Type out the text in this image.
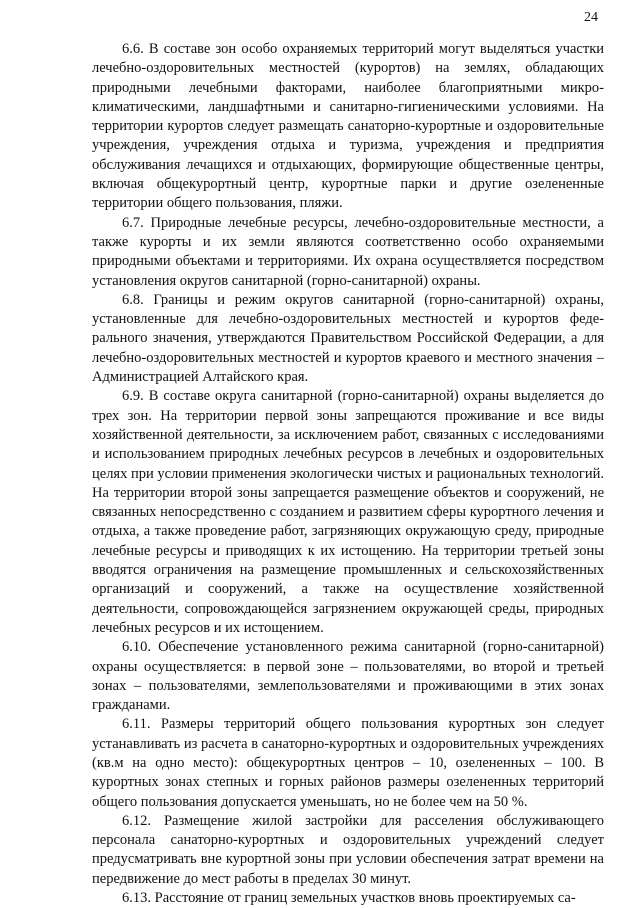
24

6.6. В составе зон особо охраняемых территорий могут выделяться участки лечебно-оздоровительных местностей (курортов) на землях, обладающих природными лечебными факторами, наиболее благоприятными микроклиматическими, ландшафтными и санитарно-гигиеническими условиями. На территории курортов следует размещать санаторно-курортные и оздоровительные учреждения, учреждения отдыха и туризма, учреждения и предприятия обслуживания лечащихся и отдыхающих, формирующие общественные центры, включая общекурортный центр, курортные парки и другие озелененные территории общего пользования, пляжи.

6.7. Природные лечебные ресурсы, лечебно-оздоровительные местности, а также курорты и их земли являются соответственно особо охраняемыми природными объектами и территориями. Их охрана осуществляется посредством установления округов санитарной (горно-санитарной) охраны.

6.8. Границы и режим округов санитарной (горно-санитарной) охраны, установленные для лечебно-оздоровительных местностей и курортов федерального значения, утверждаются Правительством Российской Федерации, а для лечебно-оздоровительных местностей и курортов краевого и местного значения – Администрацией Алтайского края.

6.9. В составе округа санитарной (горно-санитарной) охраны выделяется до трех зон. На территории первой зоны запрещаются проживание и все виды хозяйственной деятельности, за исключением работ, связанных с исследованиями и использованием природных лечебных ресурсов в лечебных и оздоровительных целях при условии применения экологически чистых и рациональных технологий. На территории второй зоны запрещается размещение объектов и сооружений, не связанных непосредственно с созданием и развитием сферы курортного лечения и отдыха, а также проведение работ, загрязняющих окружающую среду, природные лечебные ресурсы и приводящих к их истощению. На территории третьей зоны вводятся ограничения на размещение промышленных и сельскохозяйственных организаций и сооружений, а также на осуществление хозяйственной деятельности, сопровождающейся загрязнением окружающей среды, природных лечебных ресурсов и их истощением.

6.10. Обеспечение установленного режима санитарной (горно-санитарной) охраны осуществляется: в первой зоне – пользователями, во второй и третьей зонах – пользователями, землепользователями и проживающими в этих зонах гражданами.

6.11. Размеры территорий общего пользования курортных зон следует устанавливать из расчета в санаторно-курортных и оздоровительных учреждениях (кв.м на одно место): общекурортных центров – 10, озелененных – 100. В курортных зонах степных и горных районов размеры озелененных территорий общего пользования допускается уменьшать, но не более чем на 50 %.

6.12. Размещение жилой застройки для расселения обслуживающего персонала санаторно-курортных и оздоровительных учреждений следует предусматривать вне курортной зоны при условии обеспечения затрат времени на передвижение до мест работы в пределах 30 минут.

6.13. Расстояние от границ земельных участков вновь проектируемых са-
